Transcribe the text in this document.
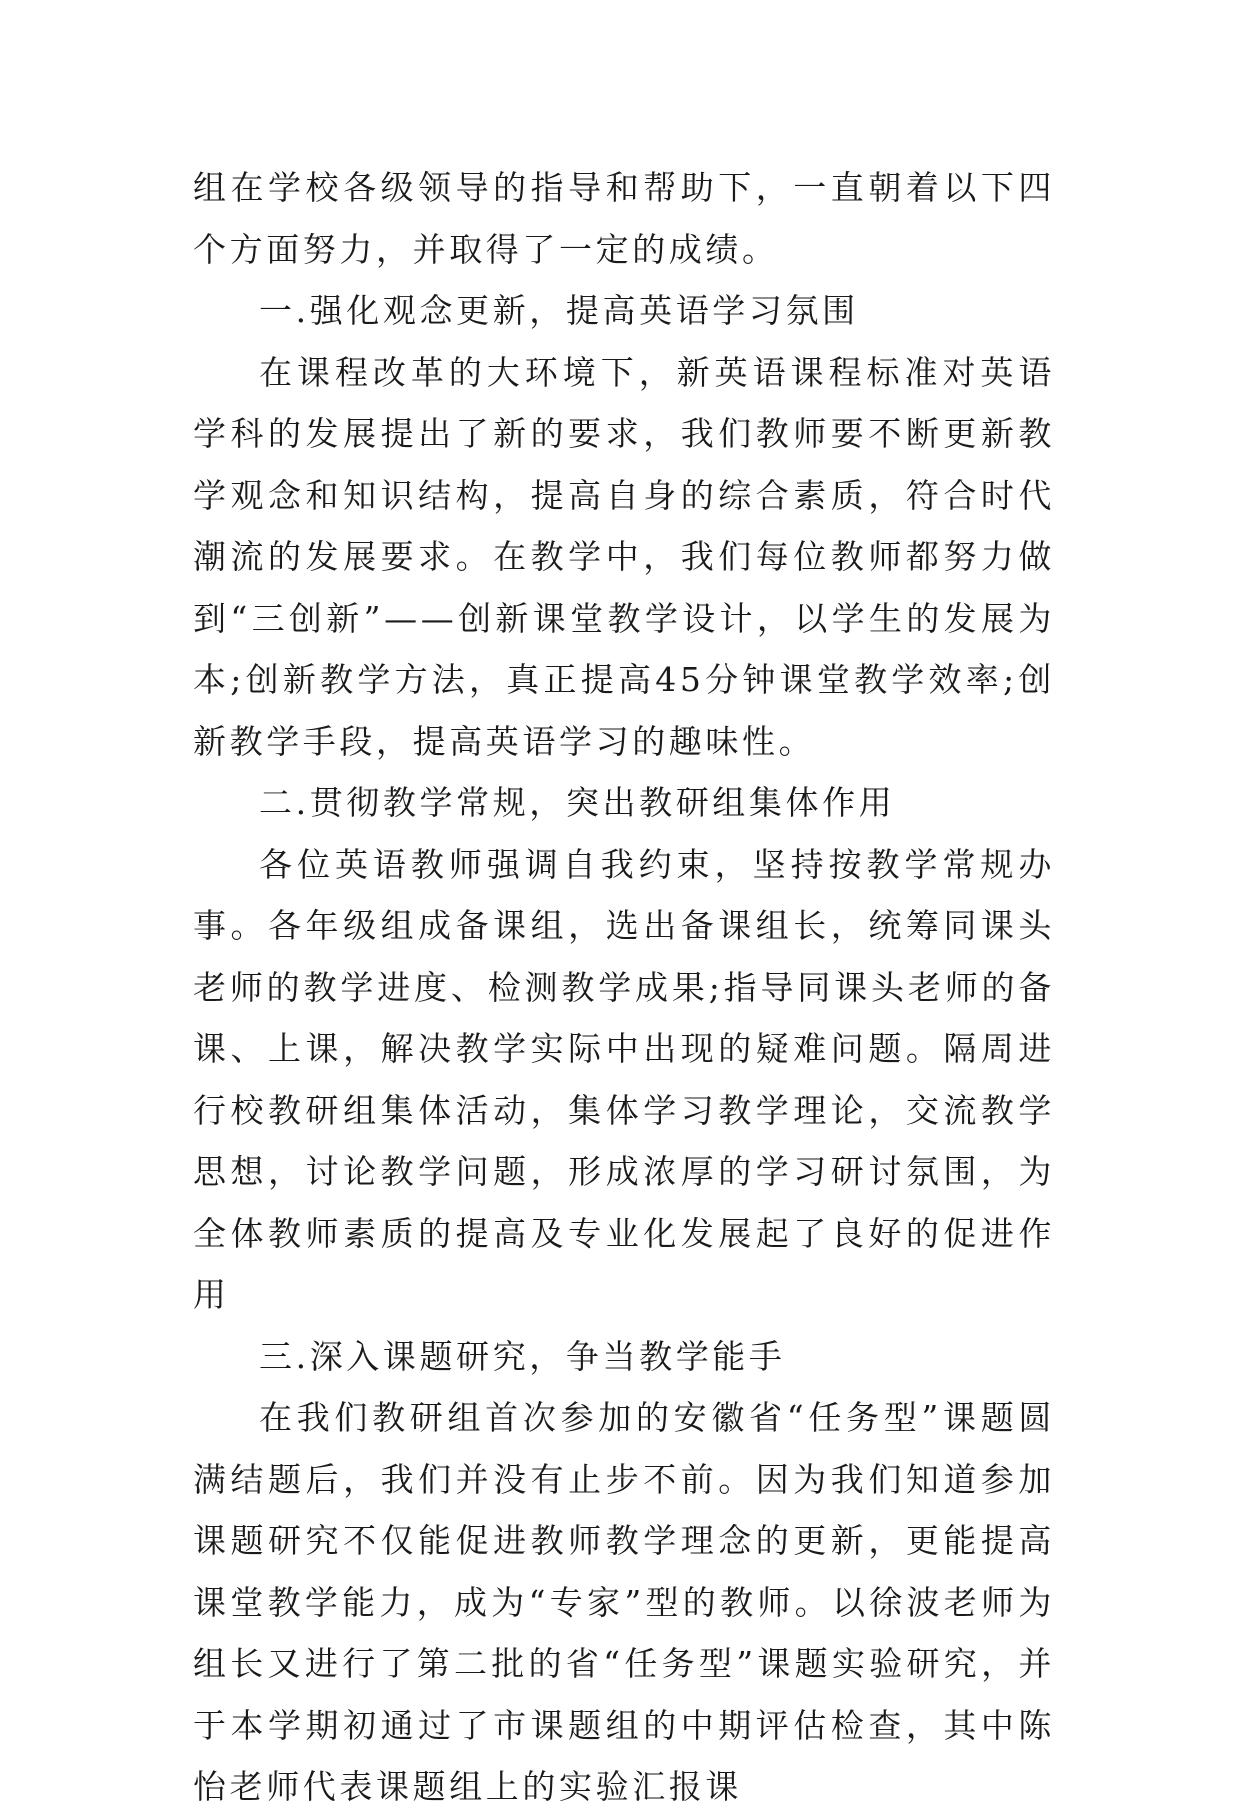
组在学校各级领导的指导和帮助下，一直朝着以下四个方面努力，并取得了一定的成绩。

一.强化观念更新，提高英语学习氛围

在课程改革的大环境下，新英语课程标准对英语学科的发展提出了新的要求，我们教师要不断更新教学观念和知识结构，提高自身的综合素质，符合时代潮流的发展要求。在教学中，我们每位教师都努力做到“三创新”——创新课堂教学设计，以学生的发展为本;创新教学方法，真正提高45分钟课堂教学效率;创新教学手段，提高英语学习的趣味性。

二.贯彻教学常规，突出教研组集体作用

各位英语教师强调自我约束，坚持按教学常规办事。各年级组成备课组，选出备课组长，统筹同课头老师的教学进度、检测教学成果;指导同课头老师的备课、上课，解决教学实际中出现的疑难问题。隔周进行校教研组集体活动，集体学习教学理论，交流教学思想，讨论教学问题，形成浓厚的学习研讨氛围，为全体教师素质的提高及专业化发展起了良好的促进作用

三.深入课题研究，争当教学能手

在我们教研组首次参加的安徽省“任务型”课题圆满结题后，我们并没有止步不前。因为我们知道参加课题研究不仅能促进教师教学理念的更新，更能提高课堂教学能力，成为“专家”型的教师。以徐波老师为组长又进行了第二批的省“任务型”课题实验研究，并于本学期初通过了市课题组的中期评估检查，其中陈怡老师代表课题组上的实验汇报课
